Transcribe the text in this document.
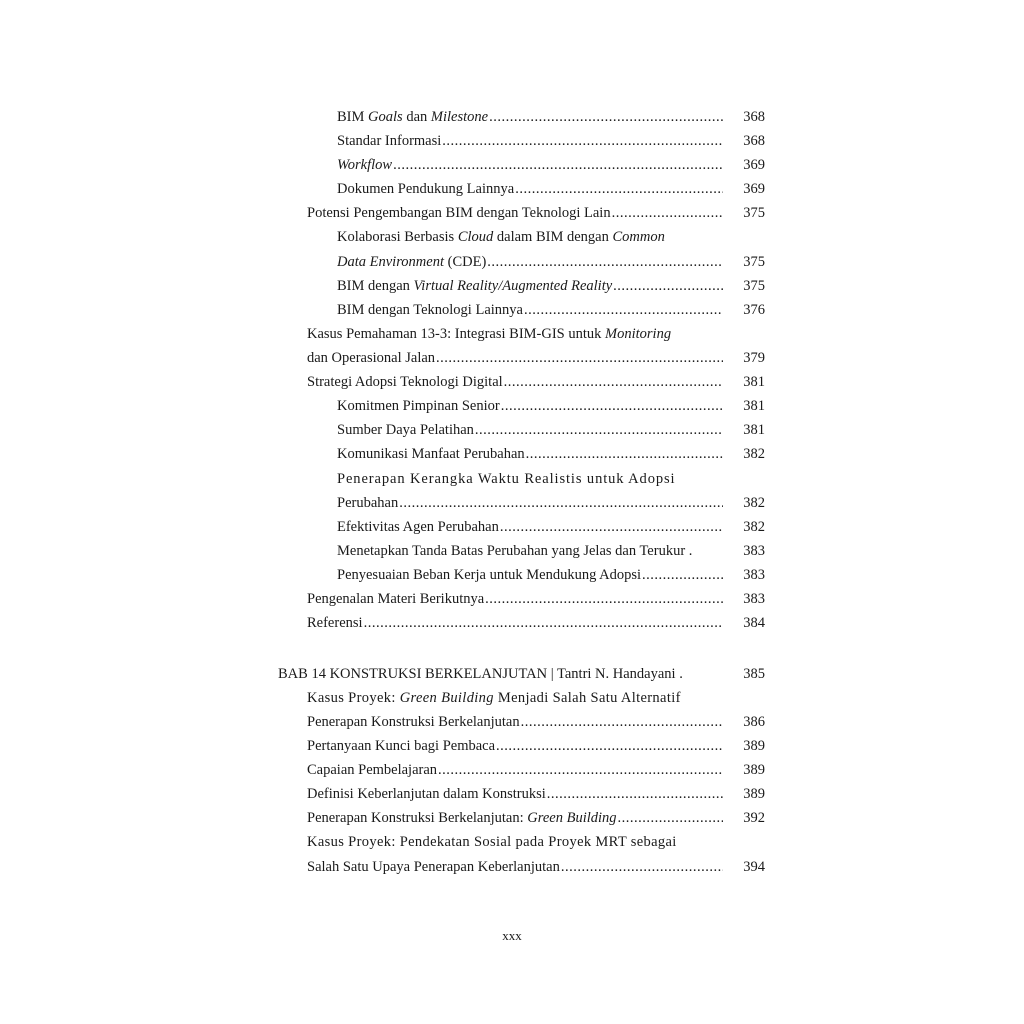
BIM Goals dan Milestone .....	368
Standar Informasi .....	368
Workflow .....	369
Dokumen Pendukung Lainnya .....	369
Potensi Pengembangan BIM dengan Teknologi Lain .....	375
Kolaborasi Berbasis Cloud dalam BIM dengan Common
Data Environment (CDE) .....	375
BIM dengan Virtual Reality/Augmented Reality .....	375
BIM dengan Teknologi Lainnya .....	376
Kasus Pemahaman 13-3: Integrasi BIM-GIS untuk Monitoring
dan Operasional Jalan .....	379
Strategi Adopsi Teknologi Digital .....	381
Komitmen Pimpinan Senior .....	381
Sumber Daya Pelatihan .....	381
Komunikasi Manfaat Perubahan .....	382
Penerapan Kerangka Waktu Realistis untuk Adopsi
Perubahan .....	382
Efektivitas Agen Perubahan .....	382
Menetapkan Tanda Batas Perubahan yang Jelas dan Terukur .	383
Penyesuaian Beban Kerja untuk Mendukung Adopsi .....	383
Pengenalan Materi Berikutnya .....	383
Referensi .....	384
BAB 14 KONSTRUKSI BERKELANJUTAN | Tantri N. Handayani .	385
Kasus Proyek: Green Building Menjadi Salah Satu Alternatif
Penerapan Konstruksi Berkelanjutan .....	386
Pertanyaan Kunci bagi Pembaca .....	389
Capaian Pembelajaran .....	389
Definisi Keberlanjutan dalam Konstruksi .....	389
Penerapan Konstruksi Berkelanjutan: Green Building .....	392
Kasus Proyek: Pendekatan Sosial pada Proyek MRT sebagai
Salah Satu Upaya Penerapan Keberlanjutan .....	394
xxx
